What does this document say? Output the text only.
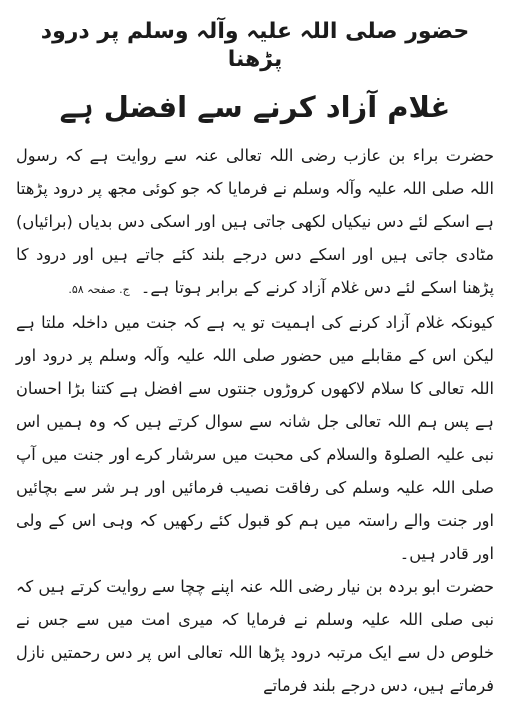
حضور صلی اللہ علیہ وآلہ وسلم پر درود پڑھنا
غلام آزاد کرنے سے افضل ہے

حضرت براء بن عازب رضی اللہ تعالی عنہ سے روایت ہے کہ رسول اللہ صلی اللہ علیہ وآلہ وسلم نے فرمایا کہ جو کوئی مجھ پر درود پڑھتا ہے اسکے لئے دس نیکیاں لکھی جاتی ہیں اور اسکی دس بدیاں (برائیاں) مٹادی جاتی ہیں اور اسکے دس درجے بلند کئے جاتے ہیں اور درود کا پڑھنا اسکے لئے دس غلام آزاد کرنے کے برابر ہوتا ہے۔ ج. صفحہ ۵۸.

کیونکہ غلام آزاد کرنے کی اہمیت تو یہ ہے کہ جنت میں داخلہ ملتا ہے لیکن اس کے مقابلے میں حضور صلی اللہ علیہ وآلہ وسلم پر درود اور اللہ تعالی کا سلام لاکھوں کروڑوں جنتوں سے افضل ہے کتنا بڑا احسان ہے پس ہم اللہ تعالی جل شانہ سے سوال کرتے ہیں کہ وہ ہمیں اس نبی علیہ الصلوۃ والسلام کی محبت میں سرشار کرے اور جنت میں آپ صلی اللہ علیہ وسلم کی رفاقت نصیب فرمائیں اور ہر شر سے بچائیں اور جنت والے راستہ میں ہم کو قبول کئے رکھیں کہ وہی اس کے ولی اور قادر ہیں۔

حضرت ابو بردہ بن نیار رضی اللہ عنہ اپنے چچا سے روایت کرتے ہیں کہ نبی صلی اللہ علیہ وسلم نے فرمایا کہ میری امت میں سے جس نے خلوص دل سے ایک مرتبہ درود پڑھا اللہ تعالی اس پر دس رحمتیں نازل فرماتے ہیں، دس درجے بلند فرماتے
